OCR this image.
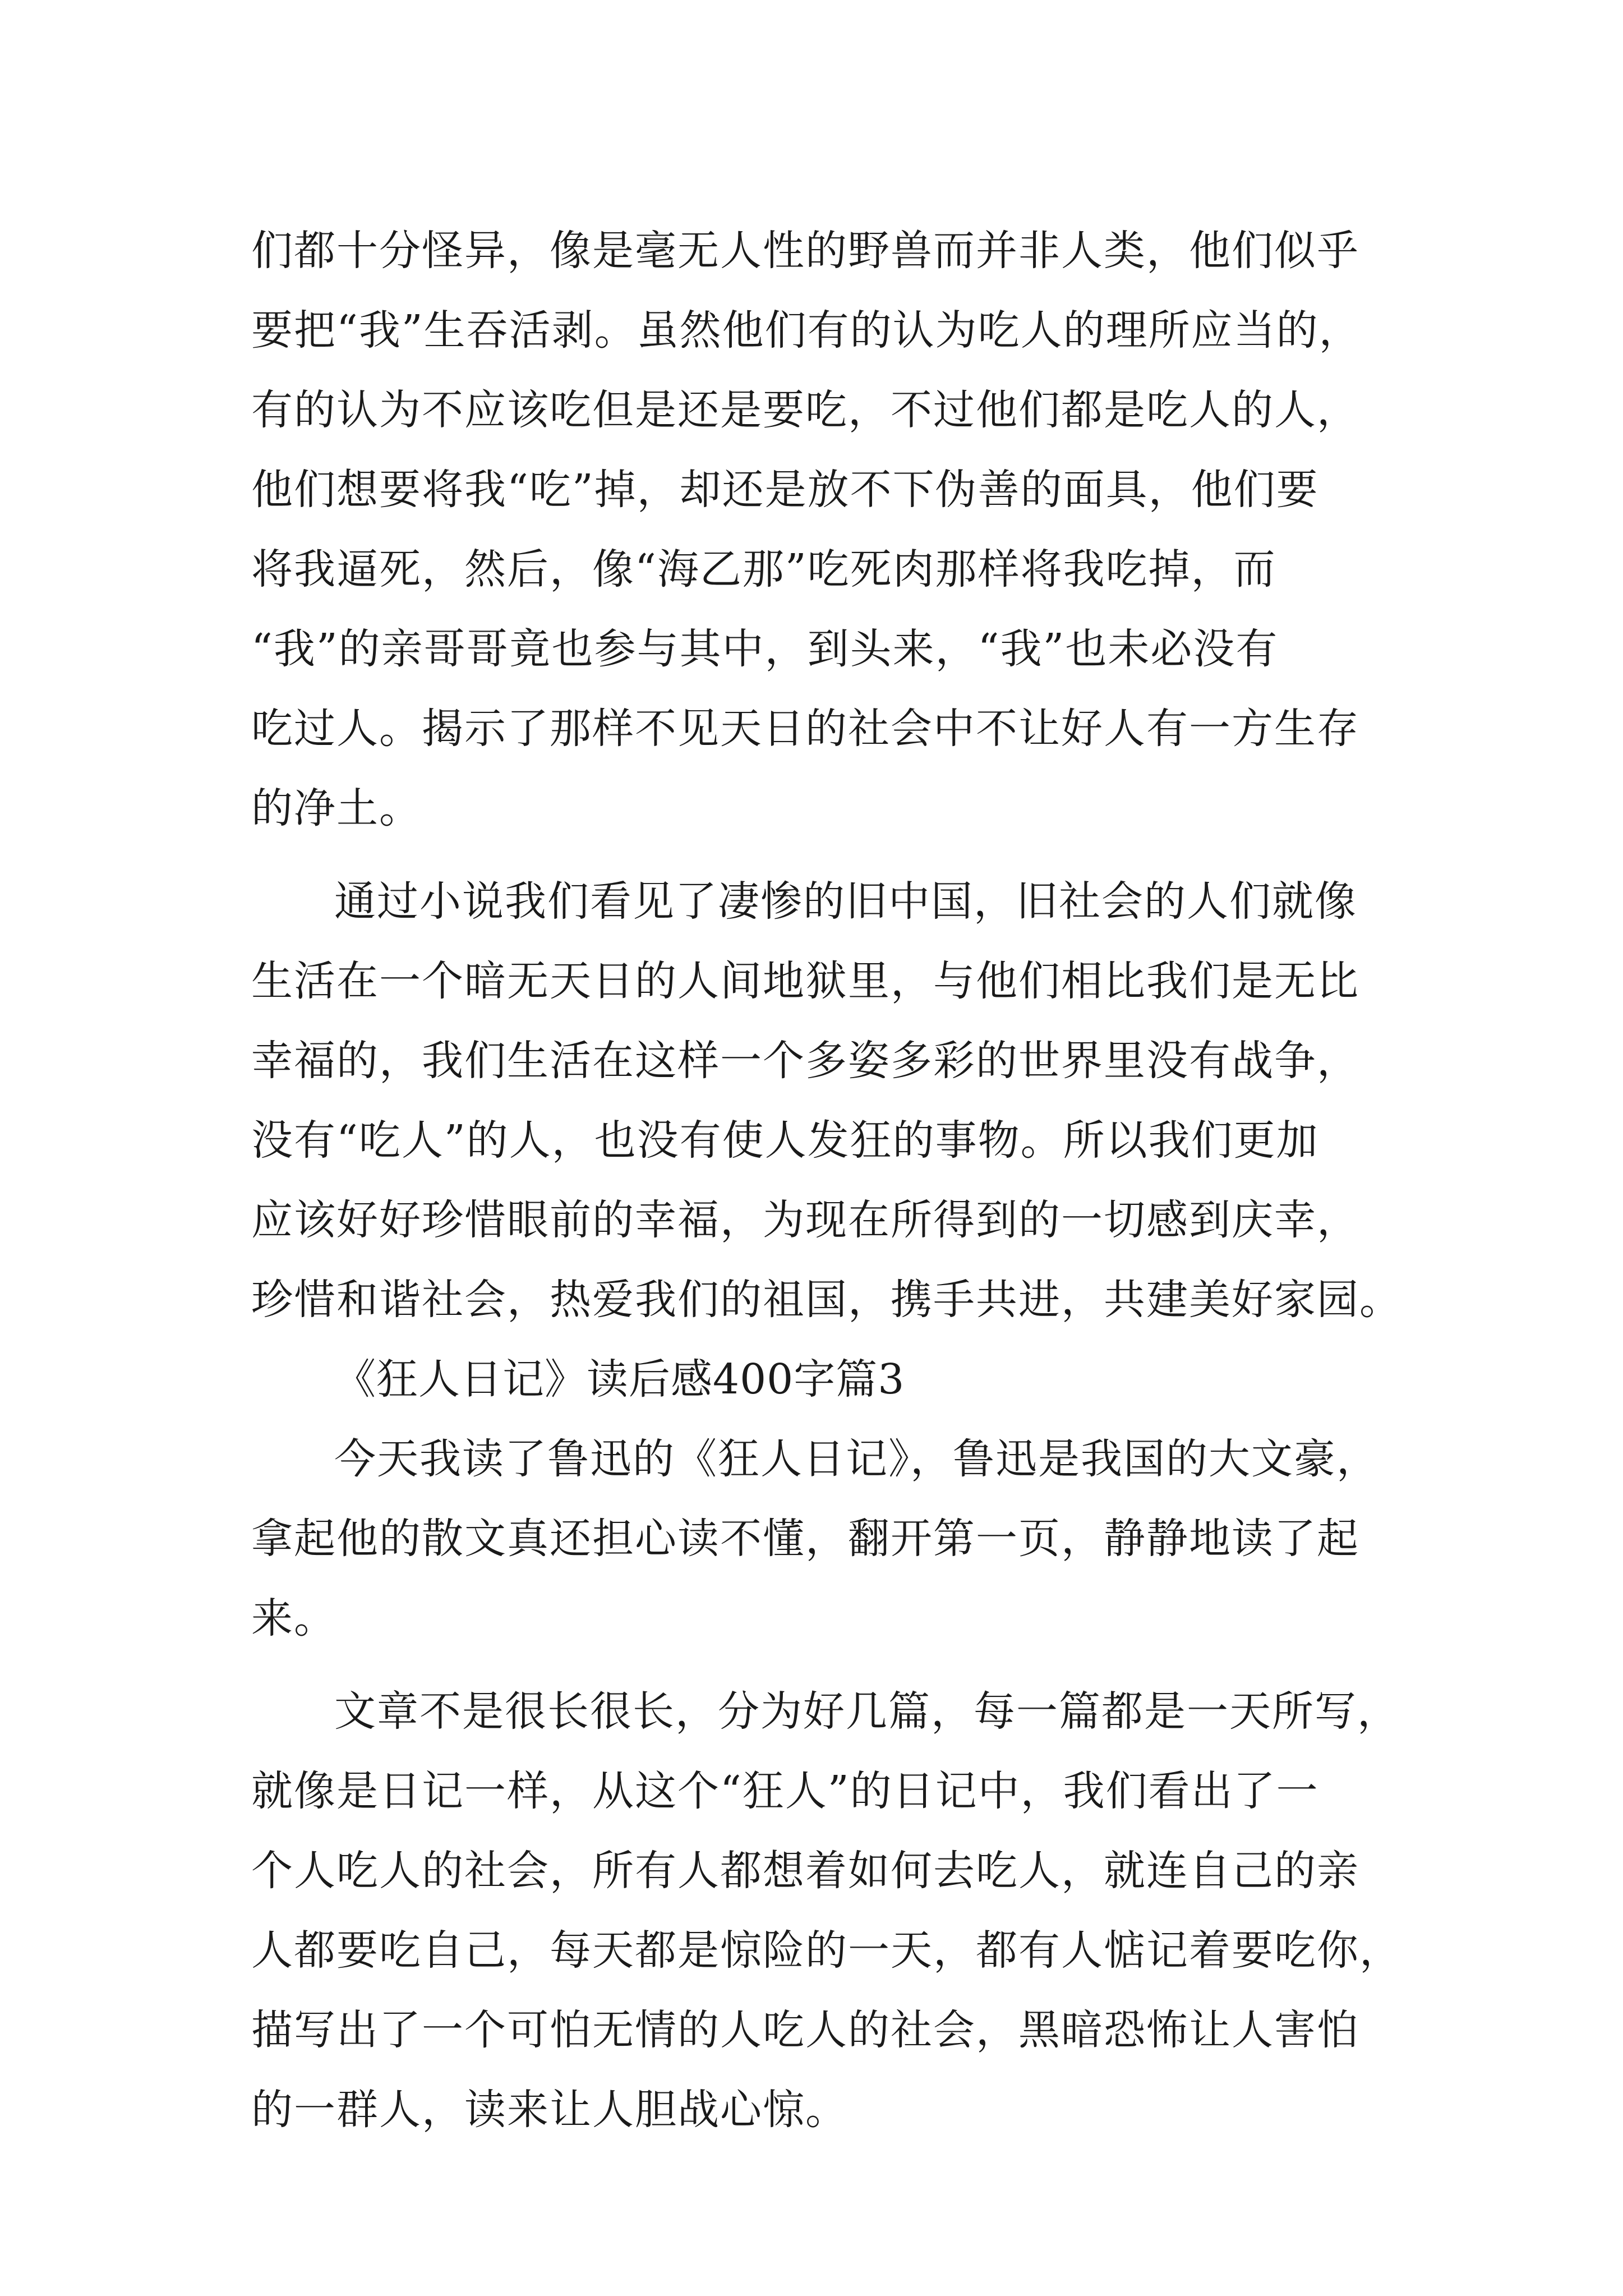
们都十分怪异，像是毫无人性的野兽而并非人类，他们似乎
要把“我”生吞活剥。虽然他们有的认为吃人的理所应当的，
有的认为不应该吃但是还是要吃，不过他们都是吃人的人，
他们想要将我“吃”掉，却还是放不下伪善的面具，他们要
将我逼死，然后，像“海乙那”吃死肉那样将我吃掉，而
“我”的亲哥哥竟也参与其中，到头来，“我”也未必没有
吃过人。揭示了那样不见天日的社会中不让好人有一方生存
的净土。
通过小说我们看见了凄惨的旧中国，旧社会的人们就像
生活在一个暗无天日的人间地狱里，与他们相比我们是无比
幸福的，我们生活在这样一个多姿多彩的世界里没有战争，
没有“吃人”的人，也没有使人发狂的事物。所以我们更加
应该好好珍惜眼前的幸福，为现在所得到的一切感到庆幸，
珍惜和谐社会，热爱我们的祖国，携手共进，共建美好家园。
《狂人日记》读后感400字篇3
今天我读了鲁迅的《狂人日记》，鲁迅是我国的大文豪，
拿起他的散文真还担心读不懂，翻开第一页，静静地读了起
来。
文章不是很长很长，分为好几篇，每一篇都是一天所写，
就像是日记一样，从这个“狂人”的日记中，我们看出了一
个人吃人的社会，所有人都想着如何去吃人，就连自己的亲
人都要吃自己，每天都是惊险的一天，都有人惦记着要吃你，
描写出了一个可怕无情的人吃人的社会，黑暗恐怖让人害怕
的一群人，读来让人胆战心惊。
